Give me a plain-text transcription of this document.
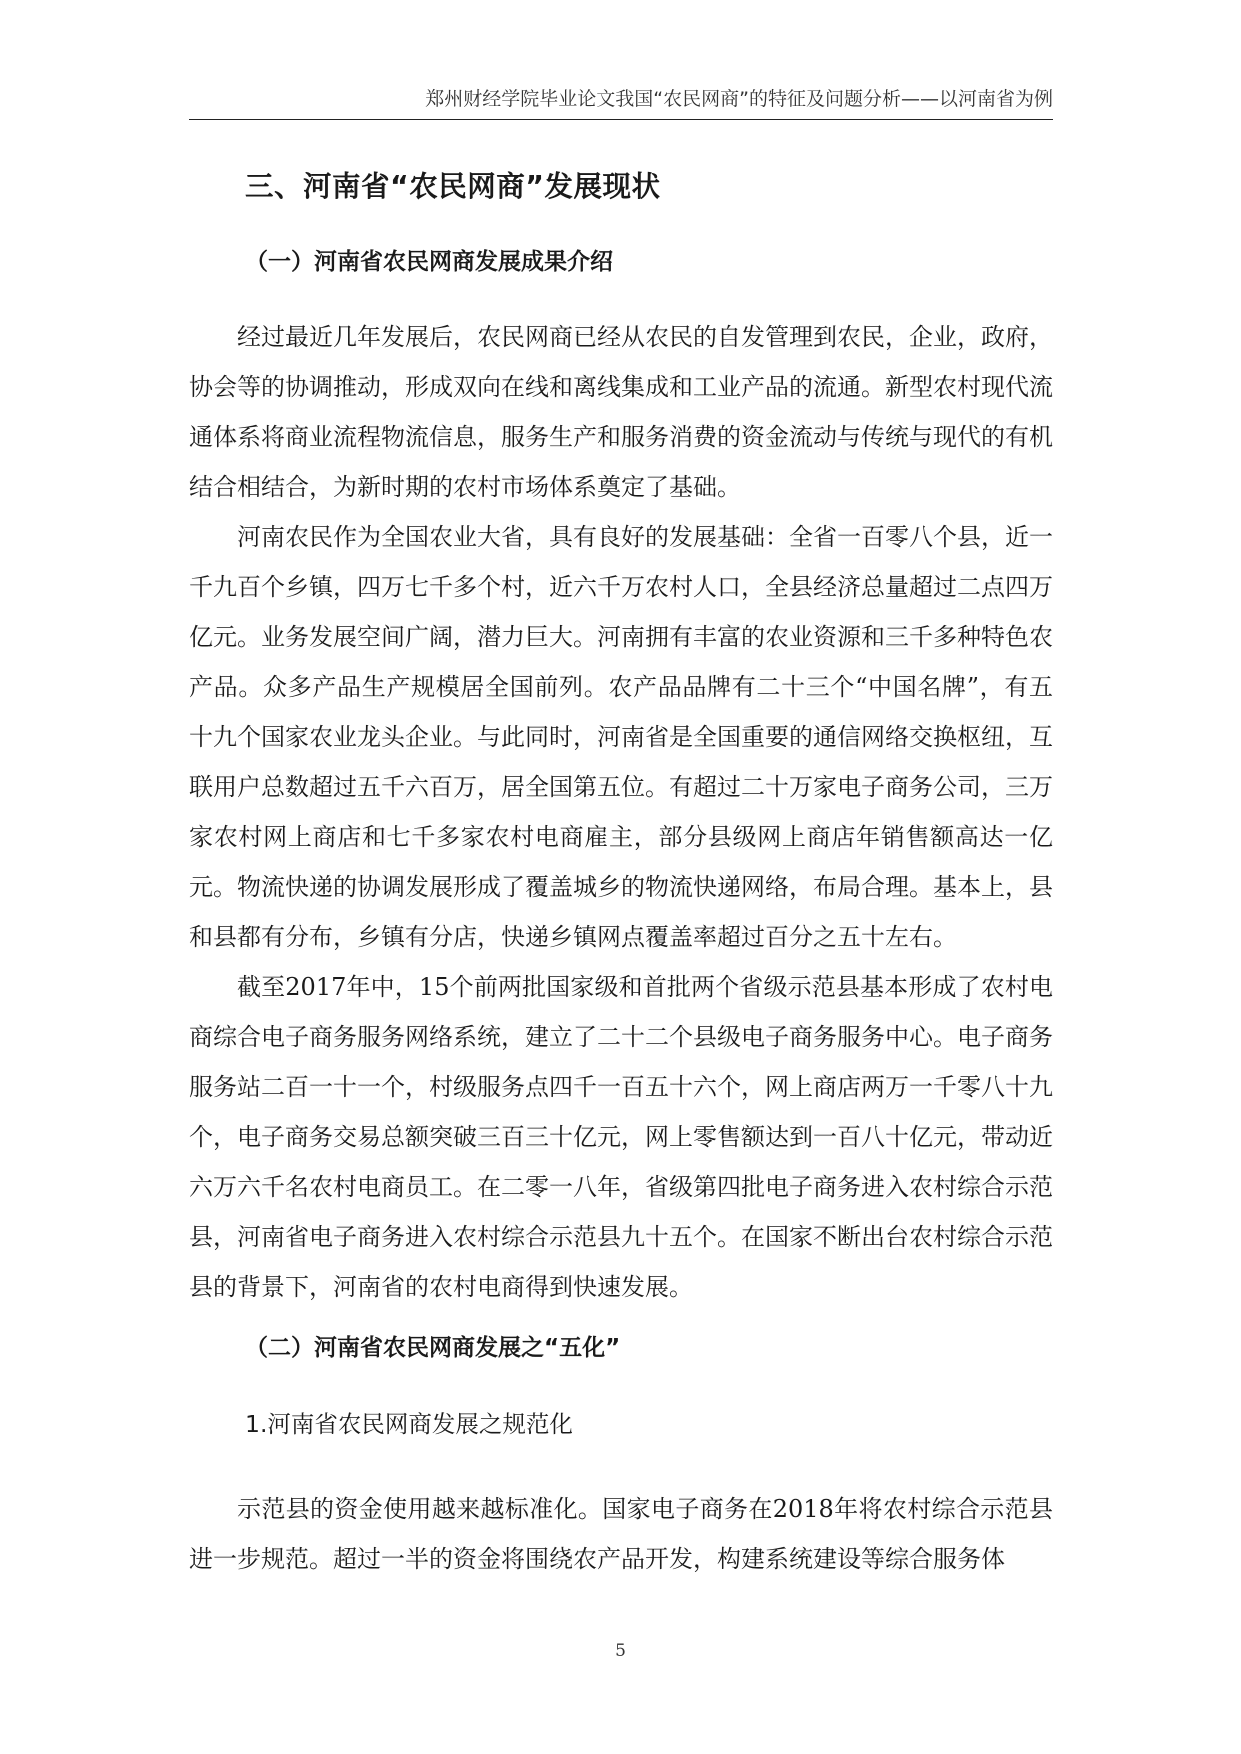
郑州财经学院毕业论文我国“农民网商”的特征及问题分析——以河南省为例
三、河南省“农民网商”发展现状
（一）河南省农民网商发展成果介绍

经过最近几年发展后，农民网商已经从农民的自发管理到农民，企业，政府，协会等的协调推动，形成双向在线和离线集成和工业产品的流通。新型农村现代流通体系将商业流程物流信息，服务生产和服务消费的资金流动与传统与现代的有机结合相结合，为新时期的农村市场体系奠定了基础。

河南农民作为全国农业大省，具有良好的发展基础：全省一百零八个县，近一千九百个乡镇，四万七千多个村，近六千万农村人口，全县经济总量超过二点四万亿元。业务发展空间广阔，潜力巨大。河南拥有丰富的农业资源和三千多种特色农产品。众多产品生产规模居全国前列。农产品品牌有二十三个“中国名牌”，有五十九个国家农业龙头企业。与此同时，河南省是全国重要的通信网络交换枢纽，互联用户总数超过五千六百万，居全国第五位。有超过二十万家电子商务公司，三万家农村网上商店和七千多家农村电商雇主，部分县级网上商店年销售额高达一亿元。物流快递的协调发展形成了覆盖城乡的物流快递网络，布局合理。基本上，县和县都有分布，乡镇有分店，快递乡镇网点覆盖率超过百分之五十左右。

截至2017年中，15个前两批国家级和首批两个省级示范县基本形成了农村电商综合电子商务服务网络系统，建立了二十二个县级电子商务服务中心。电子商务服务站二百一十一个，村级服务点四千一百五十六个，网上商店两万一千零八十九个，电子商务交易总额突破三百三十亿元，网上零售额达到一百八十亿元，带动近六万六千名农村电商员工。在二零一八年，省级第四批电子商务进入农村综合示范县，河南省电子商务进入农村综合示范县九十五个。在国家不断出台农村综合示范县的背景下，河南省的农村电商得到快速发展。

（二）河南省农民网商发展之“五化”
1.河南省农民网商发展之规范化

示范县的资金使用越来越标准化。国家电子商务在2018年将农村综合示范县进一步规范。超过一半的资金将围绕农产品开发，构建系统建设等综合服务体

5
